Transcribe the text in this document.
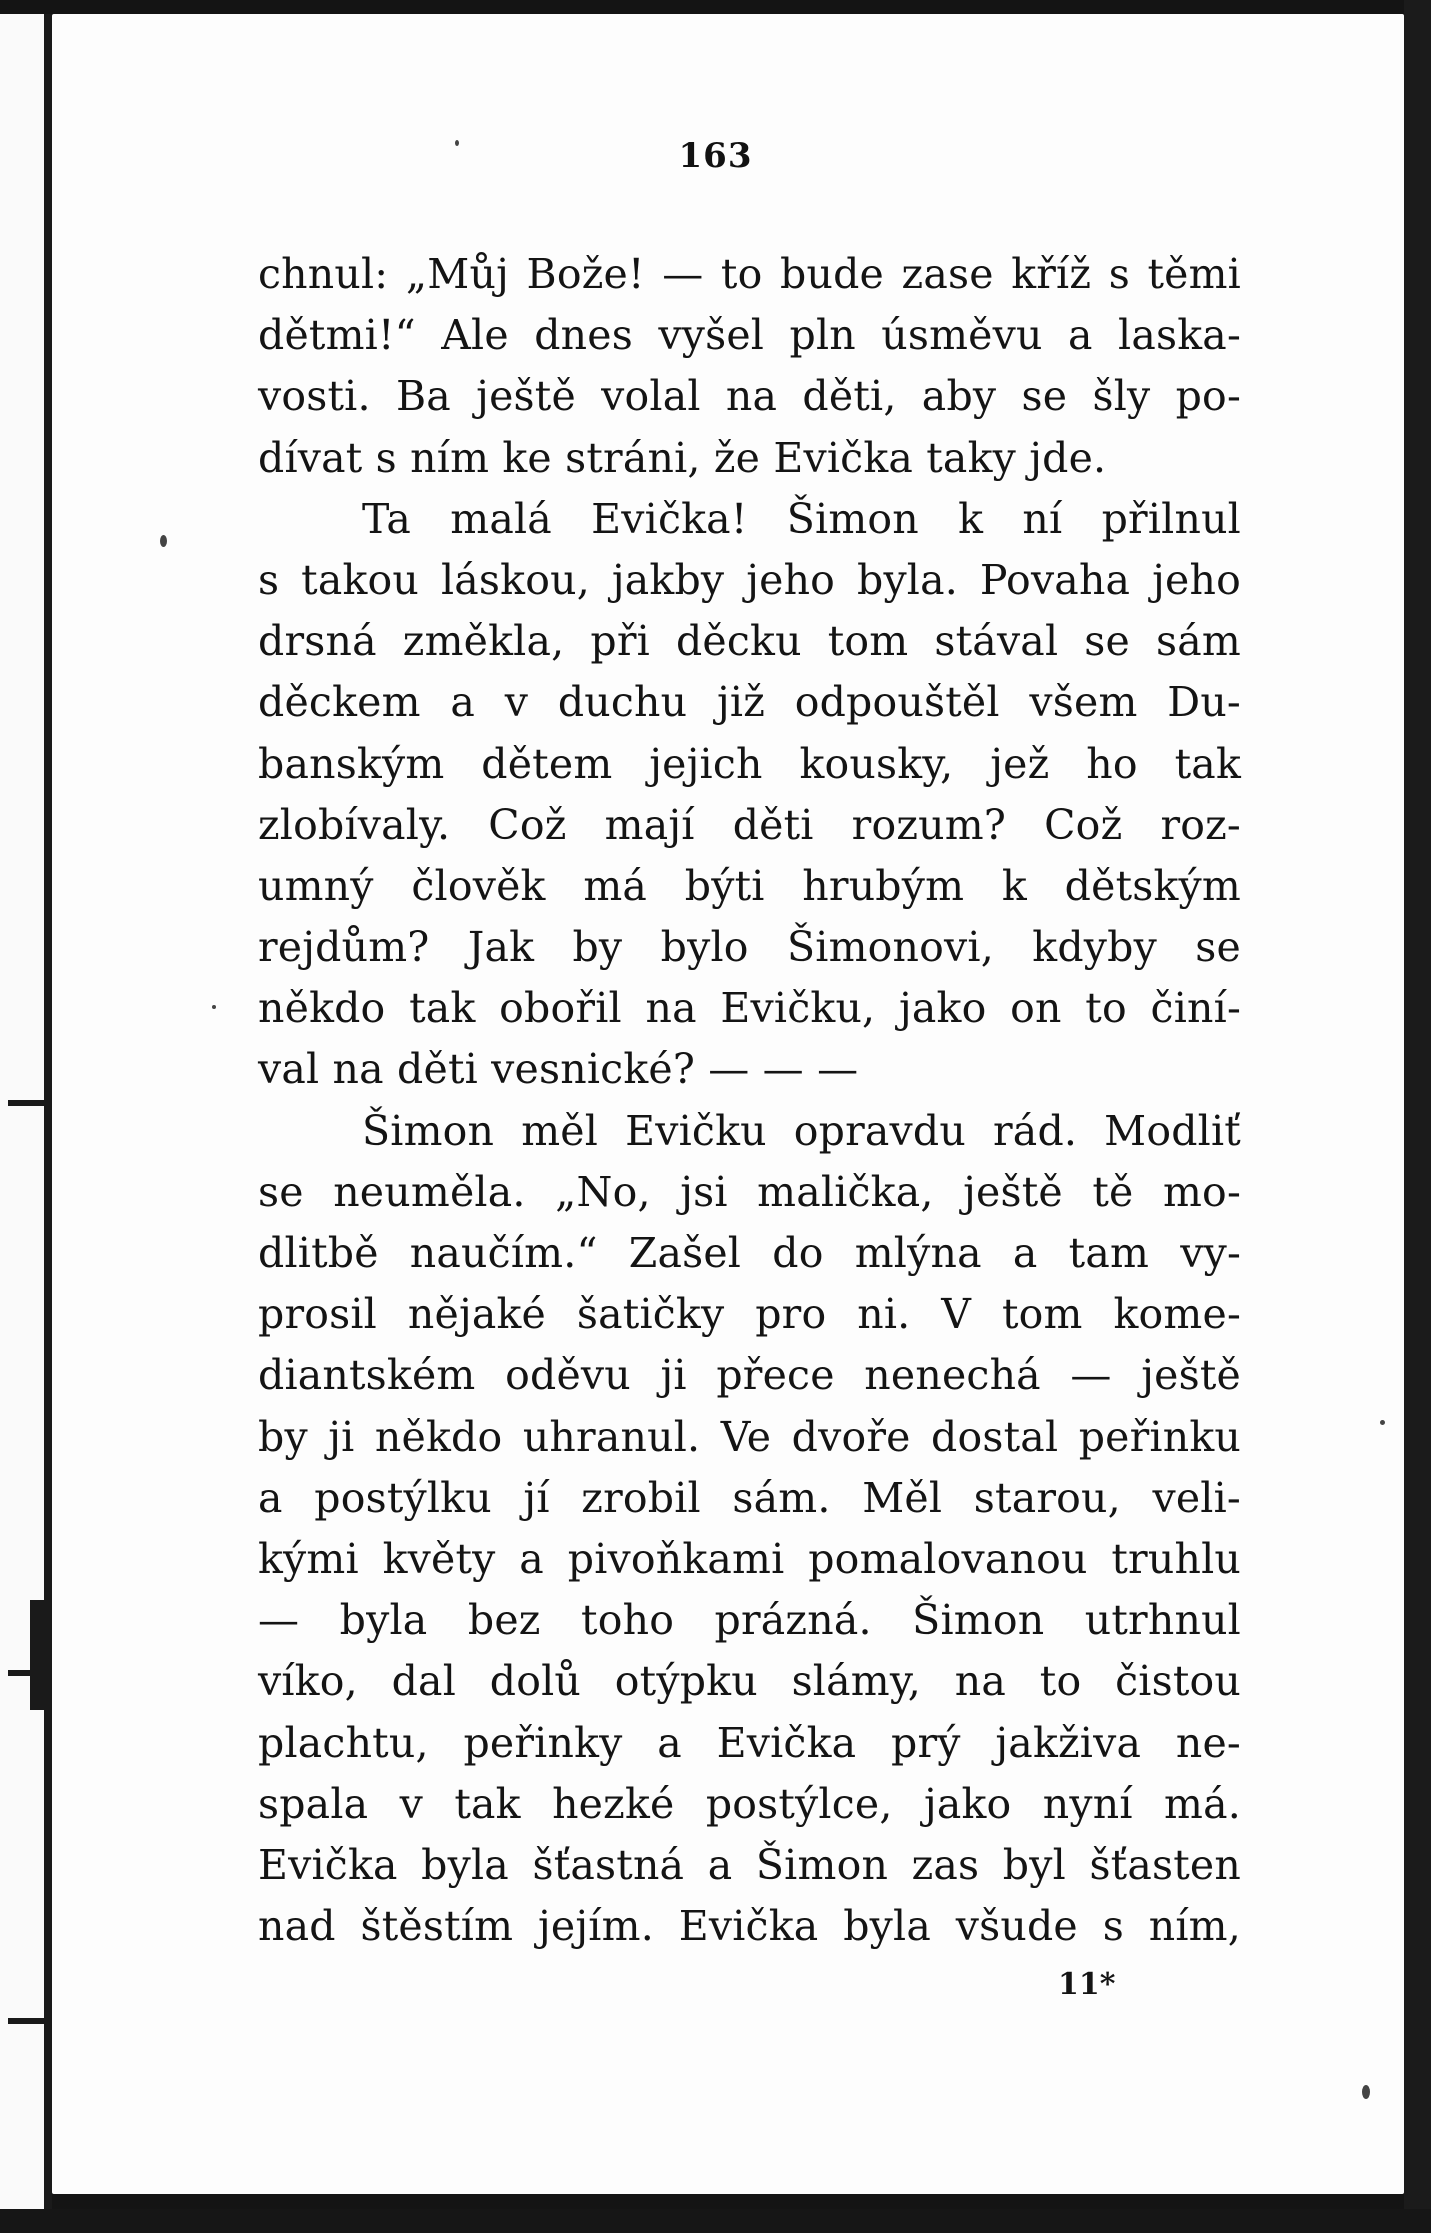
163
chnul: „Můj Bože! — to bude zase kříž s těmi
dětmi!“ Ale dnes vyšel pln úsměvu a laska-
vosti. Ba ještě volal na děti, aby se šly po-
dívat s ním ke stráni, že Evička taky jde.
Ta malá Evička! Šimon k ní přilnul
s takou láskou, jakby jeho byla. Povaha jeho
drsná změkla, při děcku tom stával se sám
děckem a v duchu již odpouštěl všem Du-
banským dětem jejich kousky, jež ho tak
zlobívaly. Což mají děti rozum? Což roz-
umný člověk má býti hrubým k dětským
rejdům? Jak by bylo Šimonovi, kdyby se
někdo tak obořil na Evičku, jako on to činí-
val na děti vesnické? — — —
Šimon měl Evičku opravdu rád. Modliť
se neuměla. „No, jsi malička, ještě tě mo-
dlitbě naučím.“ Zašel do mlýna a tam vy-
prosil nějaké šatičky pro ni. V tom kome-
diantském oděvu ji přece nenechá — ještě
by ji někdo uhranul. Ve dvoře dostal peřinku
a postýlku jí zrobil sám. Měl starou, veli-
kými květy a pivoňkami pomalovanou truhlu
— byla bez toho prázná. Šimon utrhnul
víko, dal dolů otýpku slámy, na to čistou
plachtu, peřinky a Evička prý jakživa ne-
spala v tak hezké postýlce, jako nyní má.
Evička byla šťastná a Šimon zas byl šťasten
nad štěstím jejím. Evička byla všude s ním,
11*
